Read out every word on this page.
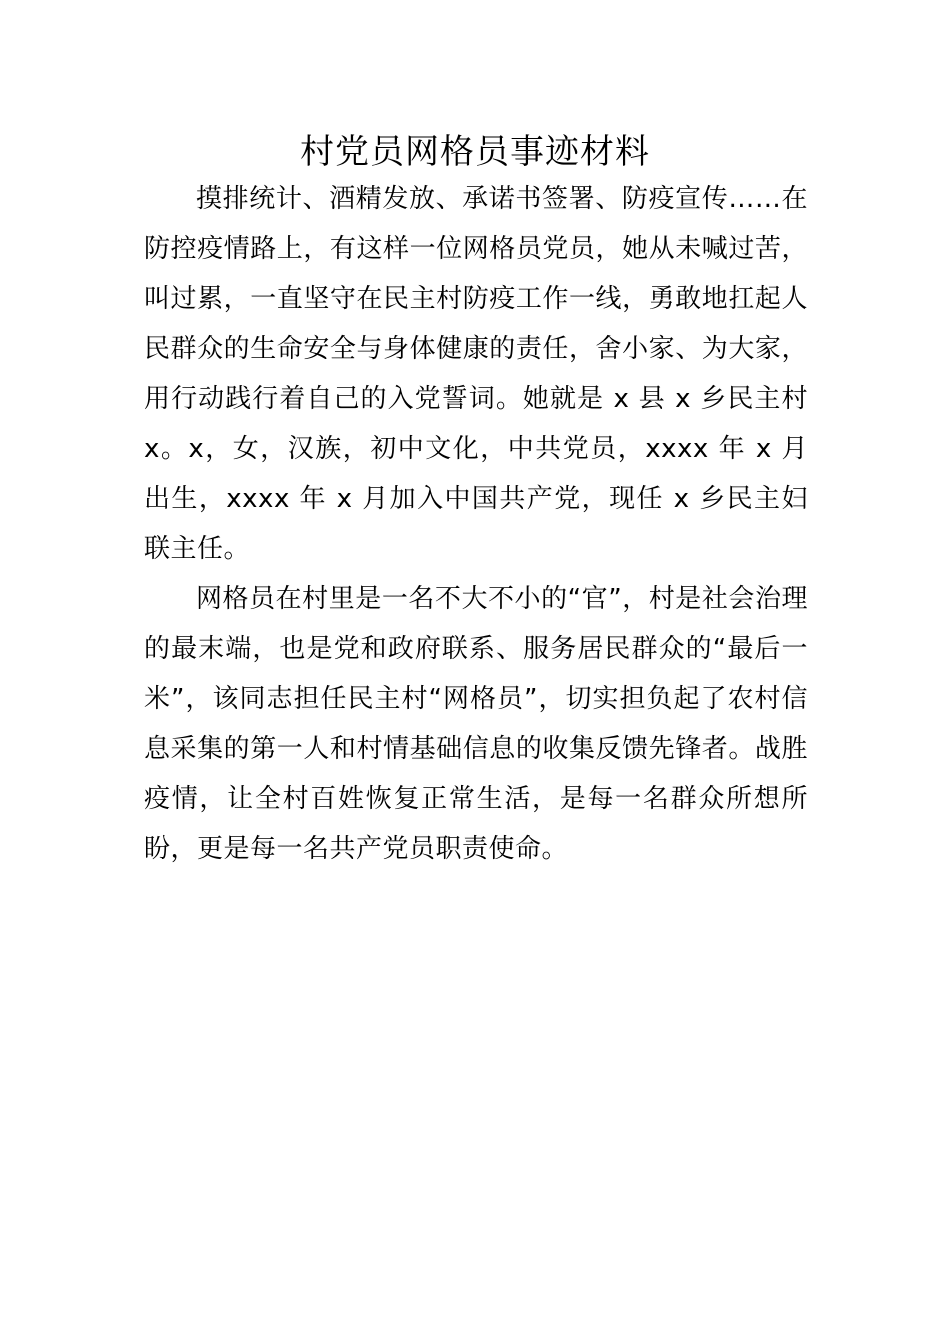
村党员网格员事迹材料

摸排统计、酒精发放、承诺书签署、防疫宣传……在防控疫情路上，有这样一位网格员党员，她从未喊过苦，叫过累，一直坚守在民主村防疫工作一线，勇敢地扛起人民群众的生命安全与身体健康的责任，舍小家、为大家，用行动践行着自己的入党誓词。她就是 x 县 x 乡民主村 x。x，女，汉族，初中文化，中共党员，xxxx 年 x 月出生，xxxx 年 x 月加入中国共产党，现任 x 乡民主妇联主任。

网格员在村里是一名不大不小的“官”，村是社会治理的最末端，也是党和政府联系、服务居民群众的“最后一米”，该同志担任民主村“网格员”，切实担负起了农村信息采集的第一人和村情基础信息的收集反馈先锋者。战胜疫情，让全村百姓恢复正常生活，是每一名群众所想所盼，更是每一名共产党员职责使命。
